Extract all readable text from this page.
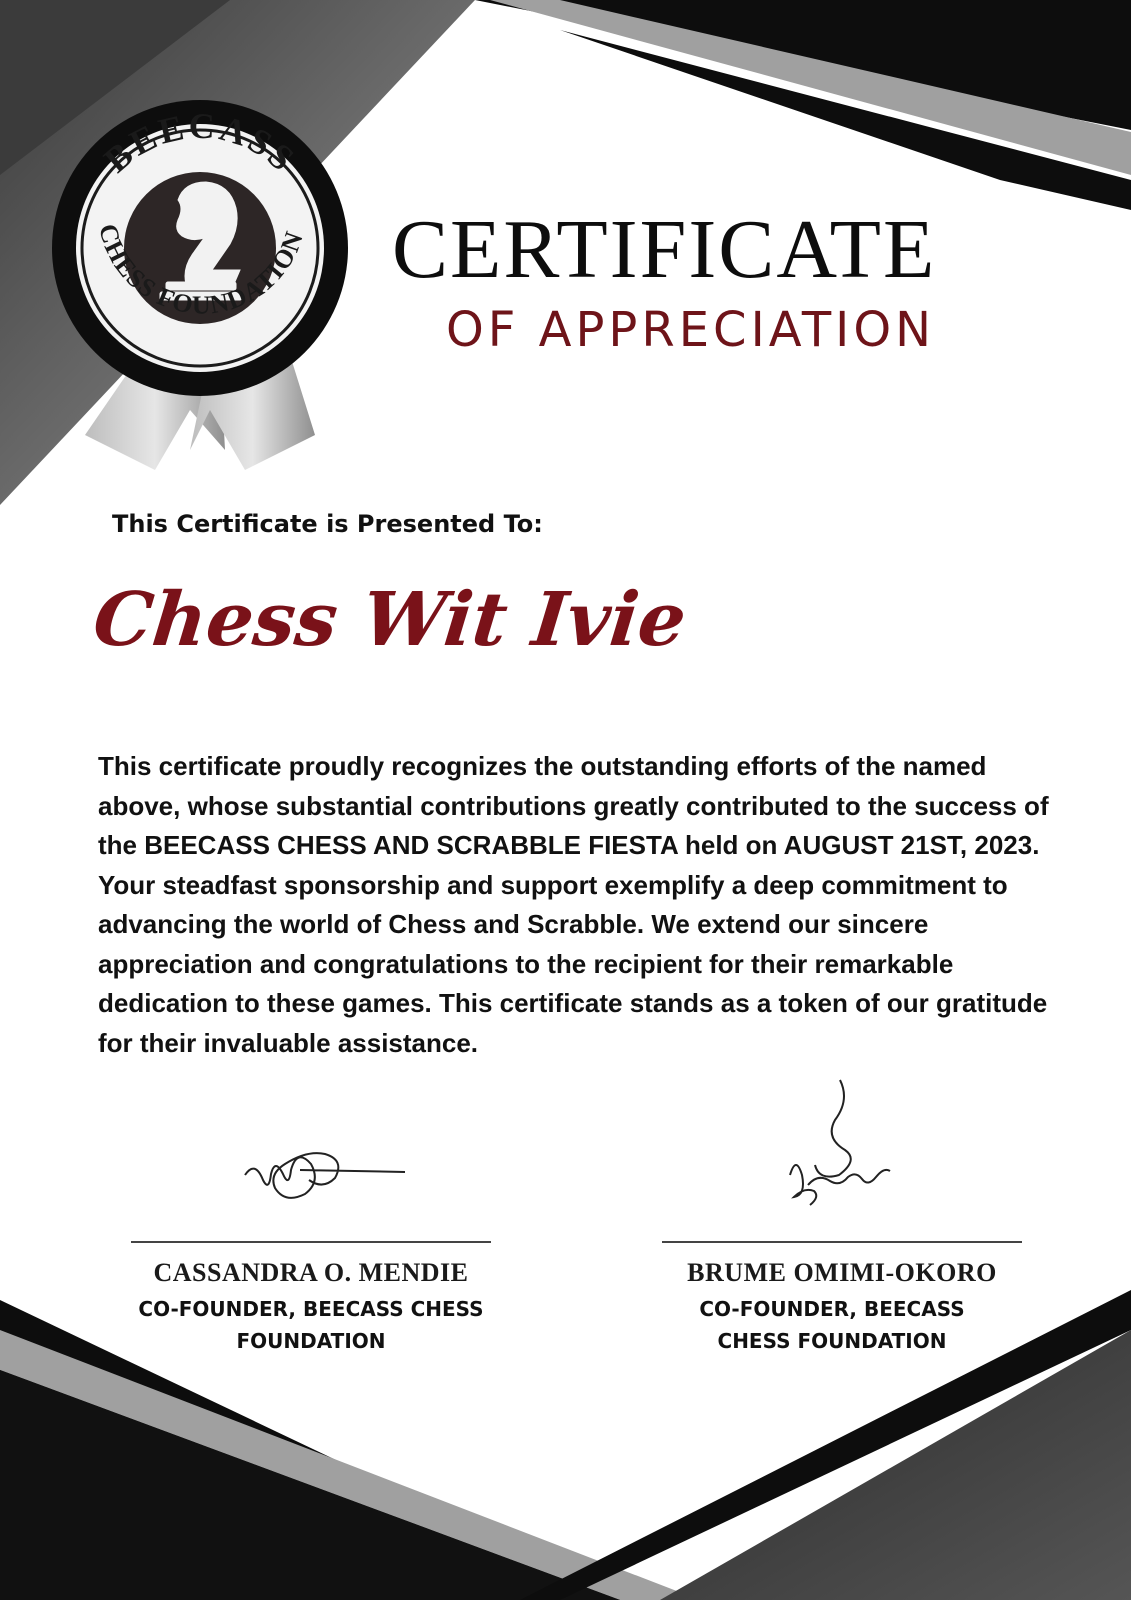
BEECASS
CHESS FOUNDATION CERTIFICATE
OF APPRECIATION
This Certificate is Presented To:
Chess Wit Ivie
This certificate proudly recognizes the outstanding efforts of the named above, whose substantial contributions greatly contributed to the success of the BEECASS CHESS AND SCRABBLE FIESTA held on AUGUST 21ST, 2023. Your steadfast sponsorship and support exemplify a deep commitment to advancing the world of Chess and Scrabble. We extend our sincere appreciation and congratulations to the recipient for their remarkable dedication to these games. This certificate stands as a token of our gratitude for their invaluable assistance.
CASSANDRA O. MENDIE
CO-FOUNDER, BEECASS CHESS FOUNDATION
BRUME OMIMI-OKORO
CO-FOUNDER, BEECASS CHESS FOUNDATION
